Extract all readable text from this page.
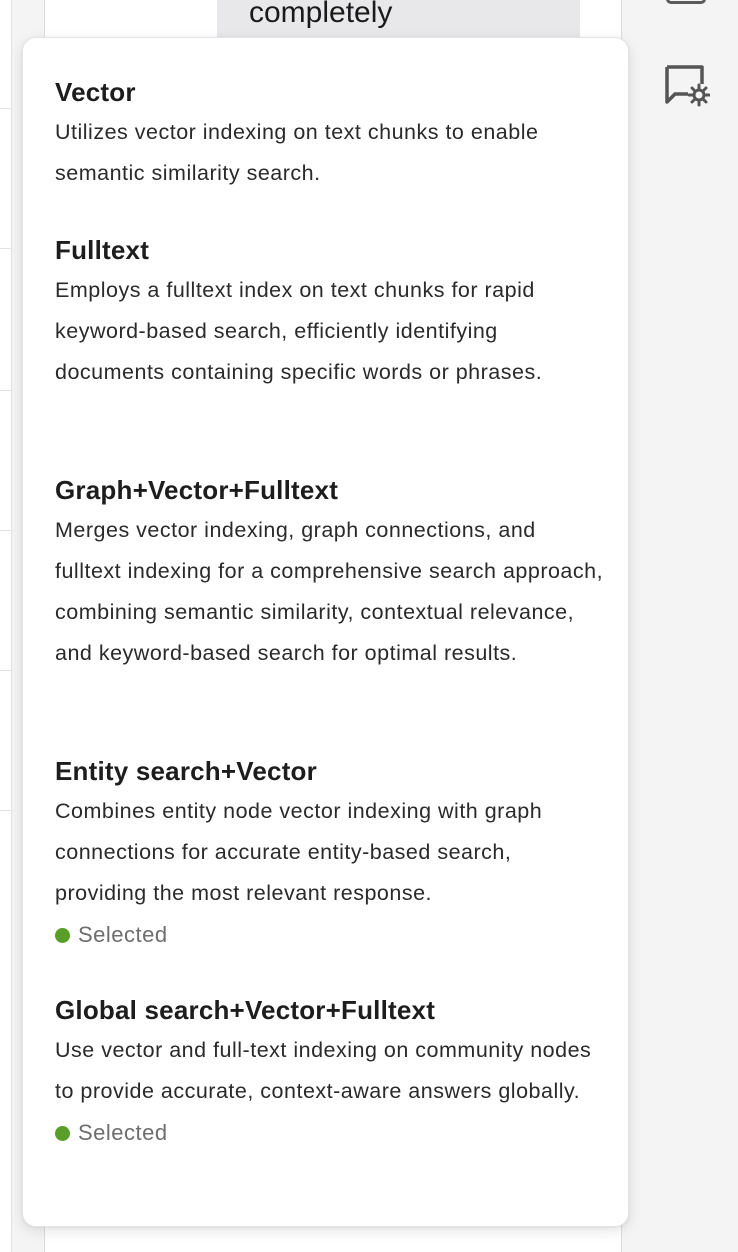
completely
Vector
Utilizes vector indexing on text chunks to enable semantic similarity search.
Fulltext
Employs a fulltext index on text chunks for rapid keyword-based search, efficiently identifying documents containing specific words or phrases.
Graph+Vector+Fulltext
Merges vector indexing, graph connections, and fulltext indexing for a comprehensive search approach, combining semantic similarity, contextual relevance, and keyword-based search for optimal results.
Entity search+Vector
Combines entity node vector indexing with graph connections for accurate entity-based search, providing the most relevant response.
Selected
Global search+Vector+Fulltext
Use vector and full-text indexing on community nodes to provide accurate, context-aware answers globally.
Selected
